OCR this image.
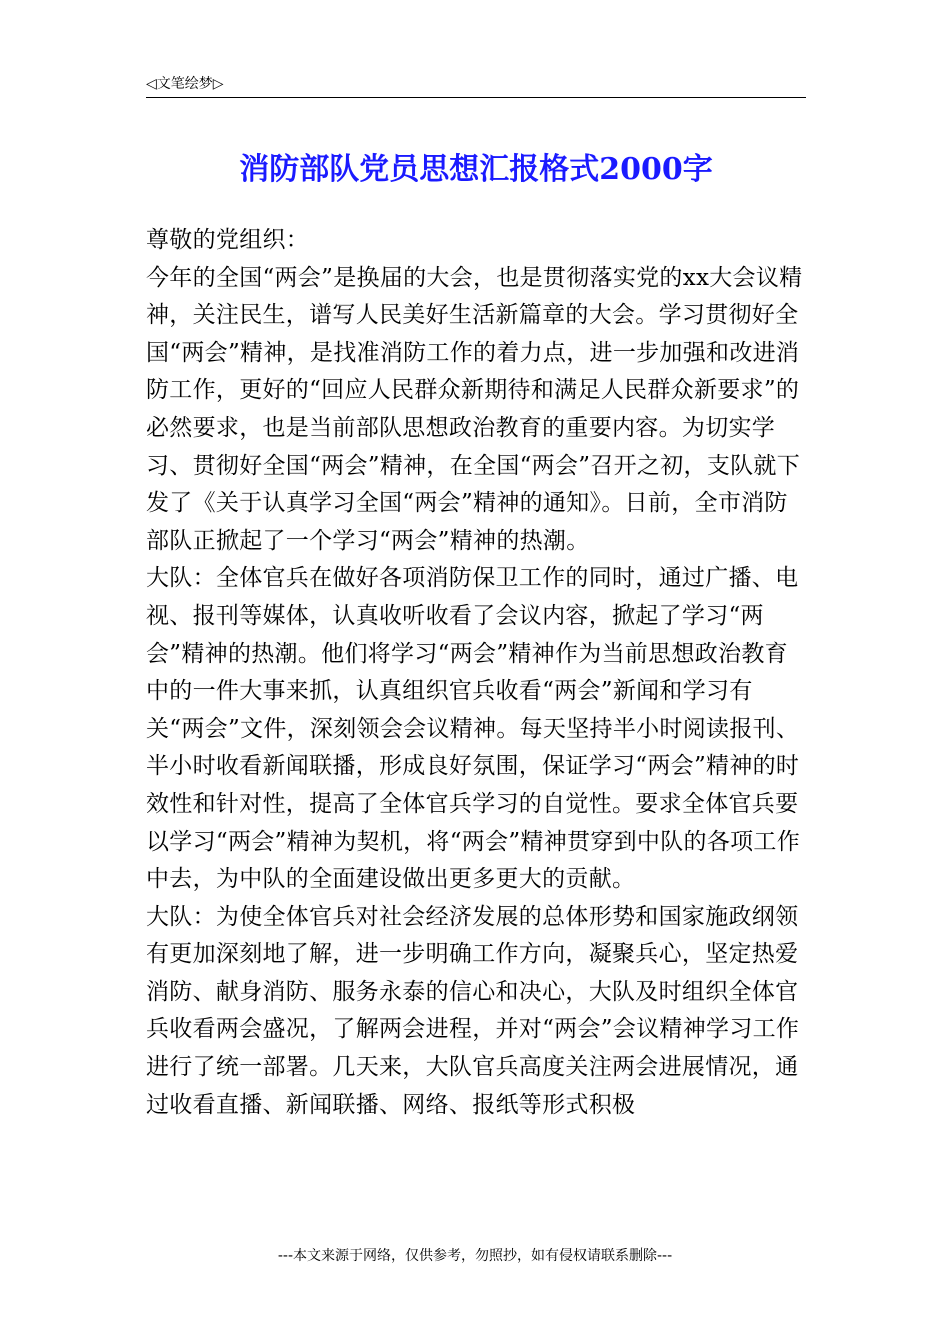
◁文笔绘梦▷
消防部队党员思想汇报格式2000字

尊敬的党组织：

今年的全国“两会”是换届的大会，也是贯彻落实党的xx大会议精神，关注民生，谱写人民美好生活新篇章的大会。学习贯彻好全国“两会”精神，是找准消防工作的着力点，进一步加强和改进消防工作，更好的“回应人民群众新期待和满足人民群众新要求”的必然要求，也是当前部队思想政治教育的重要内容。为切实学习、贯彻好全国“两会”精神，在全国“两会”召开之初，支队就下发了《关于认真学习全国“两会”精神的通知》。日前，全市消防部队正掀起了一个学习“两会”精神的热潮。

大队：全体官兵在做好各项消防保卫工作的同时，通过广播、电视、报刊等媒体，认真收听收看了会议内容，掀起了学习“两会”精神的热潮。他们将学习“两会”精神作为当前思想政治教育中的一件大事来抓，认真组织官兵收看“两会”新闻和学习有关“两会”文件，深刻领会会议精神。每天坚持半小时阅读报刊、半小时收看新闻联播，形成良好氛围，保证学习“两会”精神的时效性和针对性，提高了全体官兵学习的自觉性。要求全体官兵要以学习“两会”精神为契机，将“两会”精神贯穿到中队的各项工作中去，为中队的全面建设做出更多更大的贡献。

大队：为使全体官兵对社会经济发展的总体形势和国家施政纲领有更加深刻地了解，进一步明确工作方向，凝聚兵心，坚定热爱消防、献身消防、服务永泰的信心和决心，大队及时组织全体官兵收看两会盛况，了解两会进程，并对“两会”会议精神学习工作进行了统一部署。几天来，大队官兵高度关注两会进展情况，通过收看直播、新闻联播、网络、报纸等形式积极

---本文来源于网络，仅供参考，勿照抄，如有侵权请联系删除---
